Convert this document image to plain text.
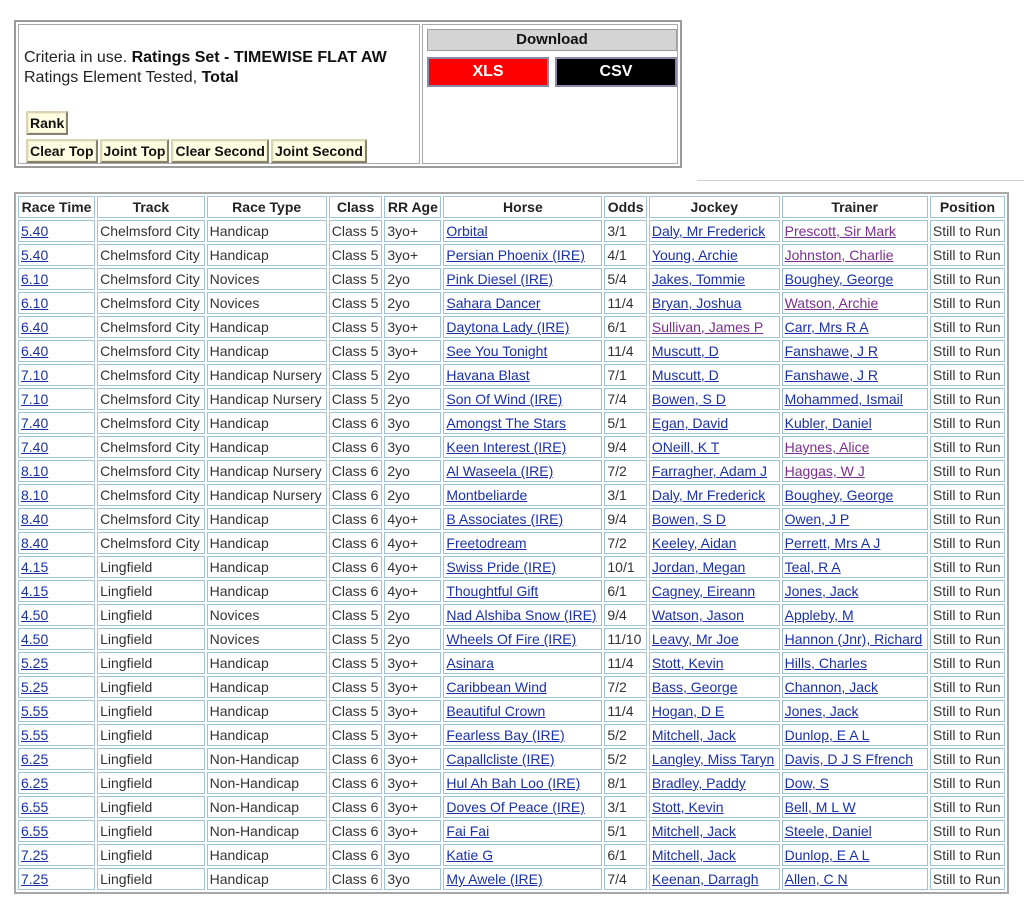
Criteria in use. Ratings Set - TIMEWISE FLAT AW
Ratings Element Tested, Total
Rank
Clear Top Joint Top Clear Second Joint Second
Download
XLS	CSV
Race Time	Track	Race Type	Class	RR Age	Horse	Odds	Jockey	Trainer	Position
5.40	Chelmsford City	Handicap	Class 5	3yo+	Orbital	3/1	Daly, Mr Frederick	Prescott, Sir Mark	Still to Run
5.40	Chelmsford City	Handicap	Class 5	3yo+	Persian Phoenix (IRE)	4/1	Young, Archie	Johnston, Charlie	Still to Run
6.10	Chelmsford City	Novices	Class 5	2yo	Pink Diesel (IRE)	5/4	Jakes, Tommie	Boughey, George	Still to Run
6.10	Chelmsford City	Novices	Class 5	2yo	Sahara Dancer	11/4	Bryan, Joshua	Watson, Archie	Still to Run
6.40	Chelmsford City	Handicap	Class 5	3yo+	Daytona Lady (IRE)	6/1	Sullivan, James P	Carr, Mrs R A	Still to Run
6.40	Chelmsford City	Handicap	Class 5	3yo+	See You Tonight	11/4	Muscutt, D	Fanshawe, J R	Still to Run
7.10	Chelmsford City	Handicap Nursery	Class 5	2yo	Havana Blast	7/1	Muscutt, D	Fanshawe, J R	Still to Run
7.10	Chelmsford City	Handicap Nursery	Class 5	2yo	Son Of Wind (IRE)	7/4	Bowen, S D	Mohammed, Ismail	Still to Run
7.40	Chelmsford City	Handicap	Class 6	3yo	Amongst The Stars	5/1	Egan, David	Kubler, Daniel	Still to Run
7.40	Chelmsford City	Handicap	Class 6	3yo	Keen Interest (IRE)	9/4	ONeill, K T	Haynes, Alice	Still to Run
8.10	Chelmsford City	Handicap Nursery	Class 6	2yo	Al Waseela (IRE)	7/2	Farragher, Adam J	Haggas, W J	Still to Run
8.10	Chelmsford City	Handicap Nursery	Class 6	2yo	Montbeliarde	3/1	Daly, Mr Frederick	Boughey, George	Still to Run
8.40	Chelmsford City	Handicap	Class 6	4yo+	B Associates (IRE)	9/4	Bowen, S D	Owen, J P	Still to Run
8.40	Chelmsford City	Handicap	Class 6	4yo+	Freetodream	7/2	Keeley, Aidan	Perrett, Mrs A J	Still to Run
4.15	Lingfield	Handicap	Class 6	4yo+	Swiss Pride (IRE)	10/1	Jordan, Megan	Teal, R A	Still to Run
4.15	Lingfield	Handicap	Class 6	4yo+	Thoughtful Gift	6/1	Cagney, Eireann	Jones, Jack	Still to Run
4.50	Lingfield	Novices	Class 5	2yo	Nad Alshiba Snow (IRE)	9/4	Watson, Jason	Appleby, M	Still to Run
4.50	Lingfield	Novices	Class 5	2yo	Wheels Of Fire (IRE)	11/10	Leavy, Mr Joe	Hannon (Jnr), Richard	Still to Run
5.25	Lingfield	Handicap	Class 5	3yo+	Asinara	11/4	Stott, Kevin	Hills, Charles	Still to Run
5.25	Lingfield	Handicap	Class 5	3yo+	Caribbean Wind	7/2	Bass, George	Channon, Jack	Still to Run
5.55	Lingfield	Handicap	Class 5	3yo+	Beautiful Crown	11/4	Hogan, D E	Jones, Jack	Still to Run
5.55	Lingfield	Handicap	Class 5	3yo+	Fearless Bay (IRE)	5/2	Mitchell, Jack	Dunlop, E A L	Still to Run
6.25	Lingfield	Non-Handicap	Class 6	3yo+	Capallcliste (IRE)	5/2	Langley, Miss Taryn	Davis, D J S Ffrench	Still to Run
6.25	Lingfield	Non-Handicap	Class 6	3yo+	Hul Ah Bah Loo (IRE)	8/1	Bradley, Paddy	Dow, S	Still to Run
6.55	Lingfield	Non-Handicap	Class 6	3yo+	Doves Of Peace (IRE)	3/1	Stott, Kevin	Bell, M L W	Still to Run
6.55	Lingfield	Non-Handicap	Class 6	3yo+	Fai Fai	5/1	Mitchell, Jack	Steele, Daniel	Still to Run
7.25	Lingfield	Handicap	Class 6	3yo	Katie G	6/1	Mitchell, Jack	Dunlop, E A L	Still to Run
7.25	Lingfield	Handicap	Class 6	3yo	My Awele (IRE)	7/4	Keenan, Darragh	Allen, C N	Still to Run
